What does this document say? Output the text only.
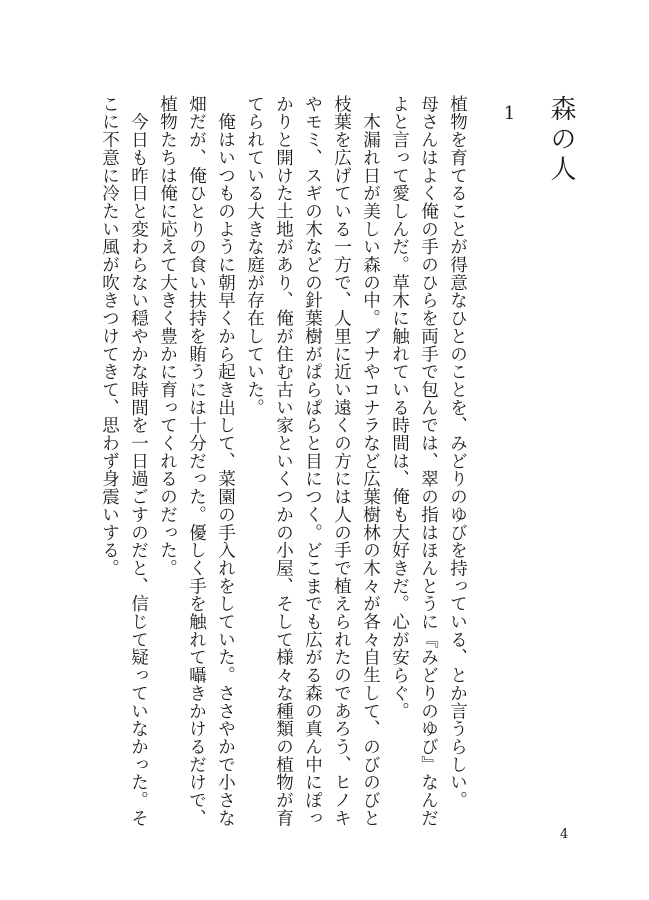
森の人
1
植物を育てることが得意なひとのことを、みどりのゆびを持っている、とか言うらしい。
母さんはよく俺の手のひらを両手で包んでは、翠の指はほんとうに『みどりのゆび』なんだ
よと言って愛しんだ。草木に触れている時間は、俺も大好きだ。心が安らぐ。
　木漏れ日が美しい森の中。ブナやコナラなど広葉樹林の木々が各々自生して、のびのびと
枝葉を広げている一方で、人里に近い遠くの方には人の手で植えられたのであろう、ヒノキ
やモミ、スギの木などの針葉樹がぱらぱらと目につく。どこまでも広がる森の真ん中にぽっ
かりと開けた土地があり、俺が住む古い家といくつかの小屋、そして様々な種類の植物が育
てられている大きな庭が存在していた。
　俺はいつものように朝早くから起き出して、菜園の手入れをしていた。ささやかで小さな
畑だが、俺ひとりの食い扶持を賄うには十分だった。優しく手を触れて囁きかけるだけで、
植物たちは俺に応えて大きく豊かに育ってくれるのだった。
　今日も昨日と変わらない穏やかな時間を一日過ごすのだと、信じて疑っていなかった。そ
こに不意に冷たい風が吹きつけてきて、思わず身震いする。
4
